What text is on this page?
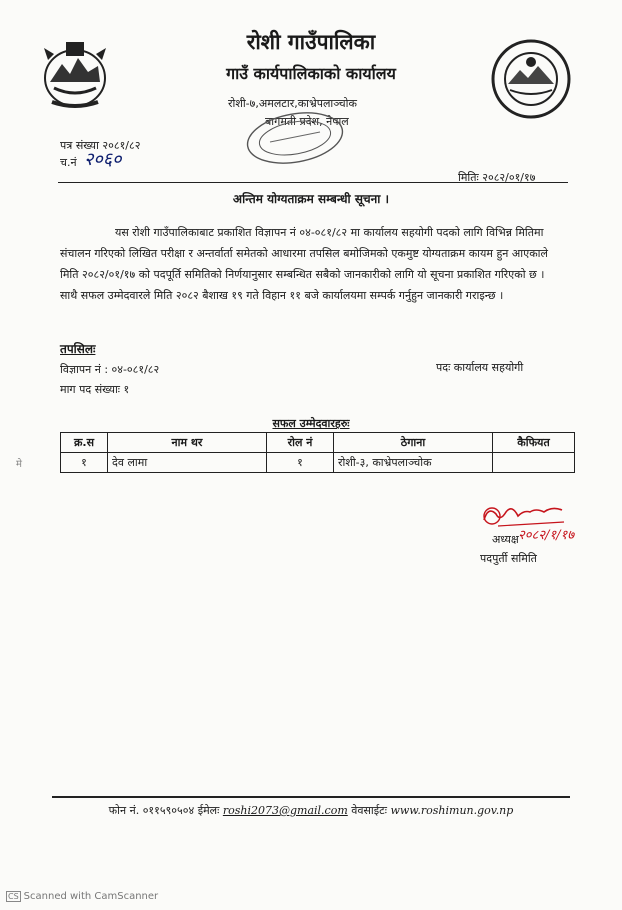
रोशी गाउँपालिका
गाउँ कार्यपालिकाको कार्यालय
रोशी-७,अमलटार,काभ्रेपलाञ्चोक
बागमती प्रदेश, नेपाल
पत्र संख्या २०८१/८२
च.नं २०६०
मितिः २०८२/०१/१७
अन्तिम योग्यताक्रम सम्बन्धी सूचना ।
यस रोशी गाउँपालिकाबाट प्रकाशित विज्ञापन नं ०४-०८१/८२ मा कार्यालय सहयोगी पदको लागि विभिन्न मितिमा संचालन गरिएको लिखित परीक्षा र अन्तर्वार्ता समेतको आधारमा तपसिल बमोजिमको एकमुष्ट योग्यताक्रम कायम हुन आएकाले मिति २०८२/०१/१७ को पदपूर्ति समितिको निर्णयानुसार सम्बन्धित सबैको जानकारीको लागि यो सूचना प्रकाशित गरिएको छ । साथै सफल उम्मेदवारले मिति २०८२ बैशाख १९ गते विहान ११ बजे कार्यालयमा सम्पर्क गर्नुहुन जानकारी गराइन्छ ।
तपसिलः
विज्ञापन नं : ०४-०८१/८२	पदः कार्यालय सहयोगी
माग पद संख्याः १
सफल उम्मेदवारहरुः
क्र.स	नाम थर	रोल नं	ठेगाना	कैफियत
१	देव लामा	१	रोशी-३, काभ्रेपलाञ्चोक	
मे
अध्यक्ष २०८२/१/१७
पदपुर्ती समिति
फोन नं. ०११५९०५०४ ईमेलः roshi2073@gmail.com वेवसाईटः www.roshimun.gov.np
CS Scanned with CamScanner
